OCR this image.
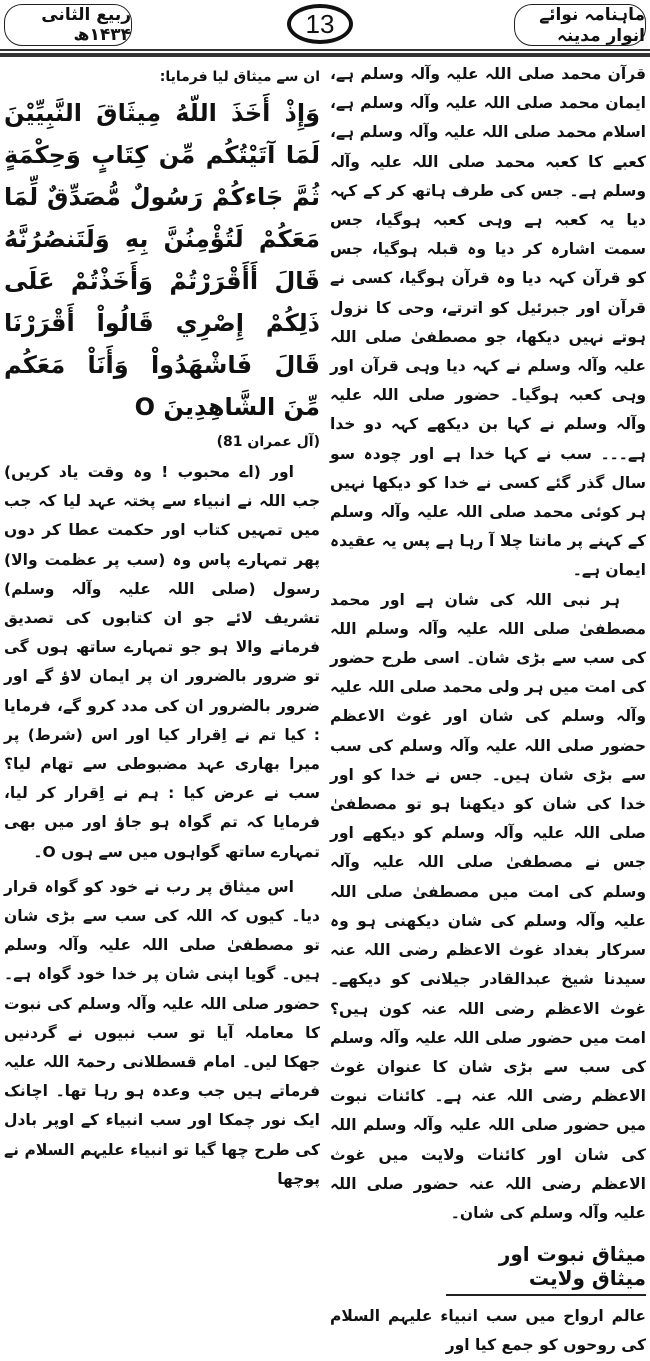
ماہنامہ نوائے انوار مدینہ
13
ربیع الثانی ۱۴۳۴ھ

قرآن محمد صلی اللہ علیہ وآلہ وسلم ہے، ایمان محمد صلی اللہ علیہ وآلہ وسلم ہے، اسلام محمد صلی اللہ علیہ وآلہ وسلم ہے، کعبے کا کعبہ محمد صلی اللہ علیہ وآلہ وسلم ہے۔ جس کی طرف ہاتھ کر کے کہہ دیا یہ کعبہ ہے وہی کعبہ ہوگیا، جس سمت اشارہ کر دیا وہ قبلہ ہوگیا، جس کو قرآن کہہ دیا وہ قرآن ہوگیا، کسی نے قرآن اور جبرئیل کو اترتے، وحی کا نزول ہوتے نہیں دیکھا، جو مصطفیٰ صلی اللہ علیہ وآلہ وسلم نے کہہ دیا وہی قرآن اور وہی کعبہ ہوگیا۔ حضور صلی اللہ علیہ وآلہ وسلم نے کہا بن دیکھے کہہ دو خدا ہے۔۔۔ سب نے کہا خدا ہے اور چودہ سو سال گذر گئے کسی نے خدا کو دیکھا نہیں ہر کوئی محمد صلی اللہ علیہ وآلہ وسلم کے کہنے پر مانتا چلا آ رہا ہے پس یہ عقیدہ ایمان ہے۔

ہر نبی اللہ کی شان ہے اور محمد مصطفیٰ صلی اللہ علیہ وآلہ وسلم اللہ کی سب سے بڑی شان۔ اسی طرح حضور کی امت میں ہر ولی محمد صلی اللہ علیہ وآلہ وسلم کی شان اور غوث الاعظم حضور صلی اللہ علیہ وآلہ وسلم کی سب سے بڑی شان ہیں۔ جس نے خدا کو اور خدا کی شان کو دیکھنا ہو تو مصطفیٰ صلی اللہ علیہ وآلہ وسلم کو دیکھے اور جس نے مصطفیٰ صلی اللہ علیہ وآلہ وسلم کی امت میں مصطفیٰ صلی اللہ علیہ وآلہ وسلم کی شان دیکھنی ہو وہ سرکار بغداد غوث الاعظم رضی اللہ عنہ سیدنا شیخ عبدالقادر جیلانی کو دیکھے۔ غوث الاعظم رضی اللہ عنہ کون ہیں؟ امت میں حضور صلی اللہ علیہ وآلہ وسلم کی سب سے بڑی شان کا عنوان غوث الاعظم رضی اللہ عنہ ہے۔ کائنات نبوت میں حضور صلی اللہ علیہ وآلہ وسلم اللہ کی شان اور کائنات ولایت میں غوث الاعظم رضی اللہ عنہ حضور صلی اللہ علیہ وآلہ وسلم کی شان۔

میثاق نبوت اور میثاق ولایت

عالم ارواح میں سب انبیاء علیہم السلام کی روحوں کو جمع کیا اور

ان سے میثاق لیا فرمایا:

وَإِذْ أَخَذَ اللّهُ مِيثَاقَ النَّبِيِّيْنَ لَمَا آتَيْتُكُم مِّن كِتَابٍ وَحِكْمَةٍ ثُمَّ جَاءكُمْ رَسُولٌ مُّصَدِّقٌ لِّمَا مَعَكُمْ لَتُؤْمِنُنَّ بِهِ وَلَتَنصُرُنَّهُ قَالَ أَأَقْرَرْتُمْ وَأَخَذْتُمْ عَلَى ذَلِكُمْ إِصْرِي قَالُواْ أَقْرَرْنَا قَالَ فَاشْهَدُواْ وَأَنَاْ مَعَكُم مِّنَ الشَّاهِدِينَ O

(آل عمران 81)

اور (اے محبوب ! وہ وقت یاد کریں) جب اللہ نے انبیاء سے پختہ عہد لیا کہ جب میں تمہیں کتاب اور حکمت عطا کر دوں پھر تمہارے پاس وہ (سب پر عظمت والا) رسول (صلی اللہ علیہ وآلہ وسلم) تشریف لائے جو ان کتابوں کی تصدیق فرمانے والا ہو جو تمہارے ساتھ ہوں گی تو ضرور بالضرور ان پر ایمان لاؤ گے اور ضرور بالضرور ان کی مدد کرو گے، فرمایا : کیا تم نے اِقرار کیا اور اس (شرط) پر میرا بھاری عہد مضبوطی سے تھام لیا؟ سب نے عرض کیا : ہم نے اِقرار کر لیا، فرمایا کہ تم گواہ ہو جاؤ اور میں بھی تمہارے ساتھ گواہوں میں سے ہوں O۔

اس میثاق پر رب نے خود کو گواہ قرار دیا۔ کیوں کہ اللہ کی سب سے بڑی شان تو مصطفیٰ صلی اللہ علیہ وآلہ وسلم ہیں۔ گویا اپنی شان پر خدا خود گواہ ہے۔ حضور صلی اللہ علیہ وآلہ وسلم کی نبوت کا معاملہ آیا تو سب نبیوں نے گردنیں جھکا لیں۔ امام قسطلانی رحمۃ اللہ علیہ فرماتے ہیں جب وعدہ ہو رہا تھا۔ اچانک ایک نور چمکا اور سب انبیاء کے اوپر بادل کی طرح چھا گیا تو انبیاء علیہم السلام نے پوچھا
